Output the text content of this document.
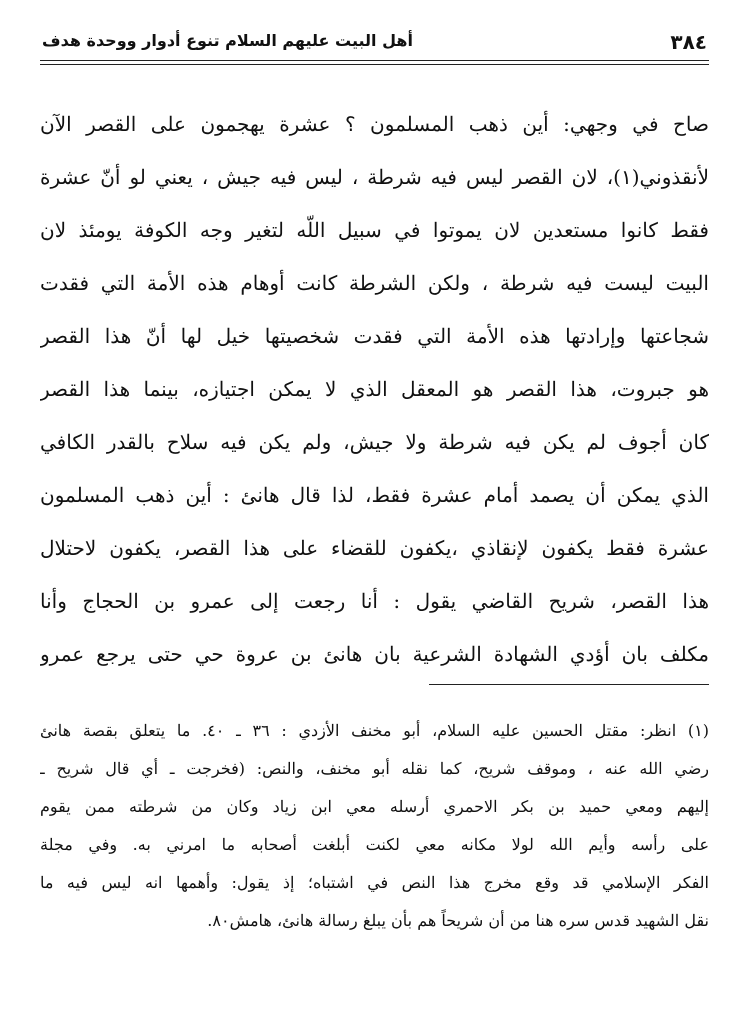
٣٨٤
أهل البيت عليهم السلام تنوع أدوار ووحدة هدف
صاح في وجهي: أين ذهب المسلمون ؟ عشرة يهجمون على القصر الآن
لأنقذوني(١)، لان القصر ليس فيه شرطة ، ليس فيه جيش ، يعني لو أنّ عشرة
فقط كانوا مستعدين لان يموتوا في سبيل اللّه لتغير وجه الكوفة يومئذ لان
البيت ليست فيه شرطة ، ولكن الشرطة كانت أوهام هذه الأمة التي فقدت
شجاعتها وإرادتها هذه الأمة التي فقدت شخصيتها خيل لها أنّ هذا القصر
هو جبروت، هذا القصر هو المعقل الذي لا يمكن اجتيازه، بينما هذا القصر
كان أجوف لم يكن فيه شرطة ولا جيش، ولم يكن فيه سلاح بالقدر الكافي
الذي يمكن أن يصمد أمام عشرة فقط، لذا قال هانئ : أين ذهب المسلمون
عشرة فقط يكفون لإنقاذي ،يكفون للقضاء على هذا القصر، يكفون لاحتلال
هذا القصر، شريح القاضي يقول : أنا رجعت إلى عمرو بن الحجاج وأنا
مكلف بان أؤدي الشهادة الشرعية بان هانئ بن عروة حي حتى يرجع عمرو
(١) انظر: مقتل الحسين عليه السلام، أبو مخنف الأزدي : ٣٦ ـ ٤٠. ما يتعلق بقصة هانئ
رضي الله عنه ، وموقف شريح، كما نقله أبو مخنف، والنص: (فخرجت ـ أي قال شريح ـ
إليهم ومعي حميد بن بكر الاحمري أرسله معي ابن زياد وكان من شرطته ممن يقوم
على رأسه وأيم الله لولا مكانه معي لكنت أبلغت أصحابه ما امرني به. وفي مجلة
الفكر الإسلامي قد وقع مخرج هذا النص في اشتباه؛ إذ يقول: وأهمها انه ليس فيه ما
نقل الشهيد قدس سره هنا من أن شريحاً هم بأن يبلغ رسالة هانئ، هامش٨٠.
